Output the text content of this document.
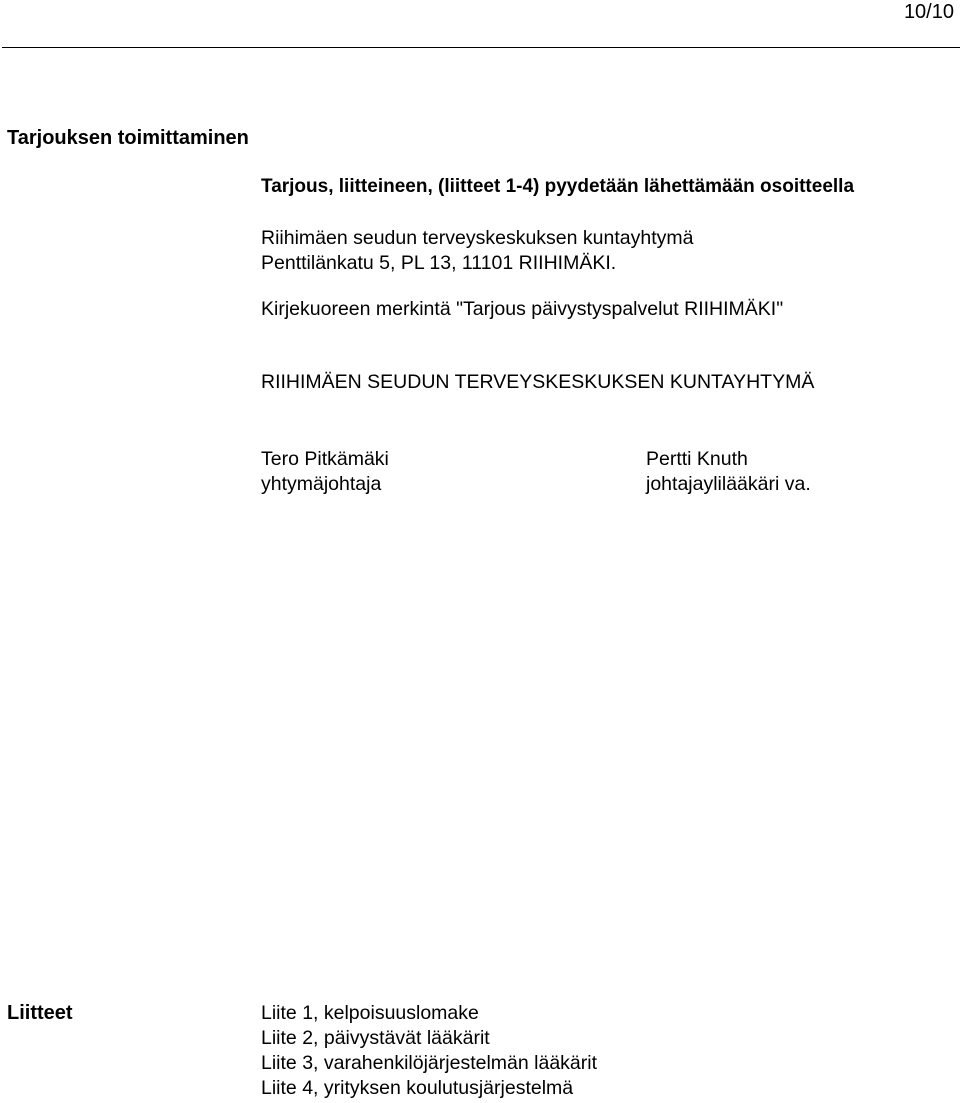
10/10
Tarjouksen toimittaminen
Tarjous, liitteineen, (liitteet 1-4) pyydetään lähettämään osoitteella
Riihimäen seudun terveyskeskuksen kuntayhtymä
Penttilänkatu 5, PL 13, 11101 RIIHIMÄKI.
Kirjekuoreen merkintä "Tarjous päivystyspalvelut RIIHIMÄKI"
RIIHIMÄEN SEUDUN TERVEYSKESKUKSEN KUNTAYHTYMÄ
Tero Pitkämäki
yhtymäjohtaja
Pertti Knuth
johtajaylilääkäri va.
Liitteet	Liite 1, kelpoisuuslomake
Liite 2, päivystävät lääkärit
Liite 3, varahenkilöjärjestelmän lääkärit
Liite 4, yrityksen koulutusjärjestelmä
